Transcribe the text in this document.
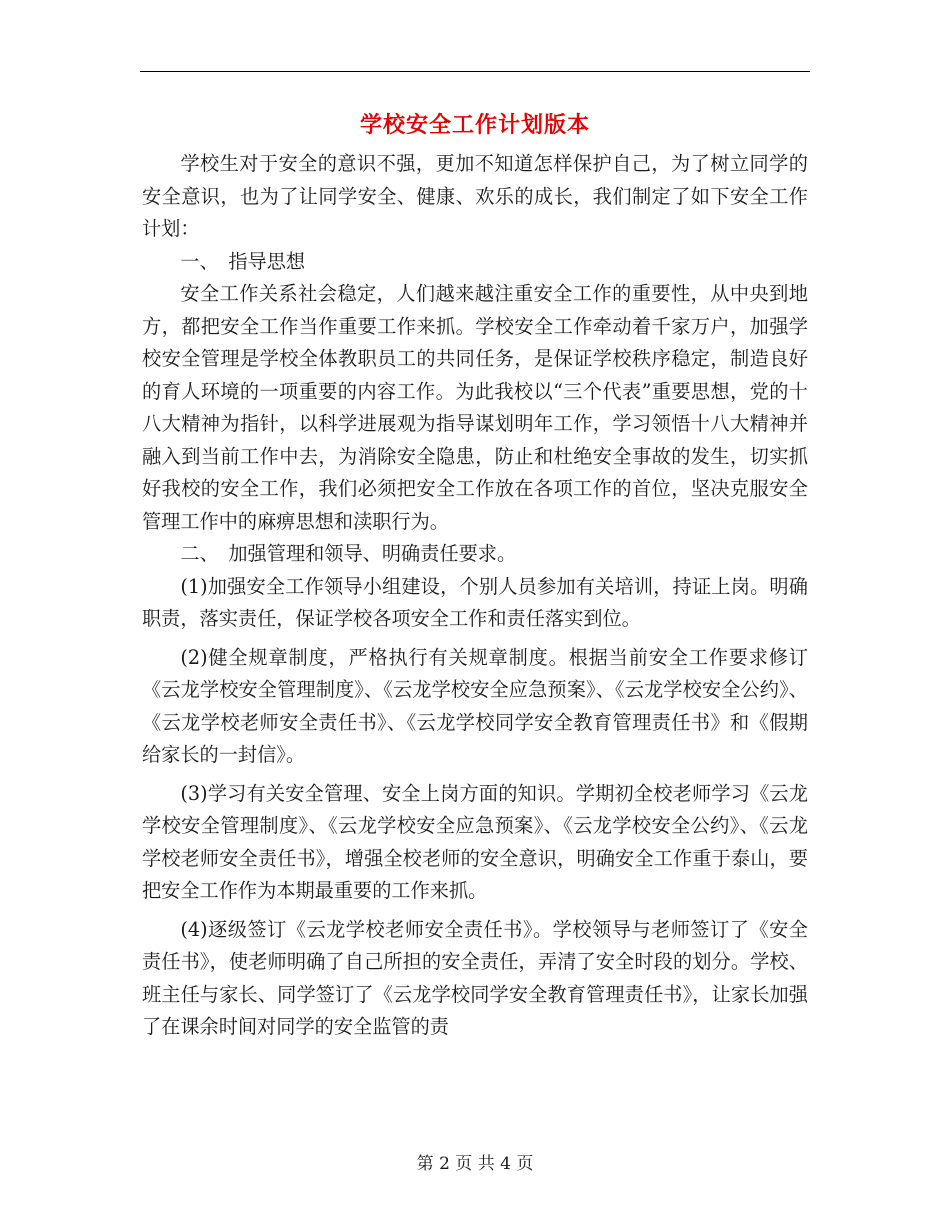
学校安全工作计划版本

学校生对于安全的意识不强，更加不知道怎样保护自己，为了树立同学的安全意识，也为了让同学安全、健康、欢乐的成长，我们制定了如下安全工作计划：

一、　指导思想

安全工作关系社会稳定，人们越来越注重安全工作的重要性，从中央到地方，都把安全工作当作重要工作来抓。学校安全工作牵动着千家万户，加强学校安全管理是学校全体教职员工的共同任务，是保证学校秩序稳定，制造良好的育人环境的一项重要的内容工作。为此我校以“三个代表”重要思想，党的十八大精神为指针，以科学进展观为指导谋划明年工作，学习领悟十八大精神并融入到当前工作中去，为消除安全隐患，防止和杜绝安全事故的发生，切实抓好我校的安全工作，我们必须把安全工作放在各项工作的首位，坚决克服安全管理工作中的麻痹思想和渎职行为。

二、　加强管理和领导、明确责任要求。

(1)加强安全工作领导小组建设，个别人员参加有关培训，持证上岗。明确职责，落实责任，保证学校各项安全工作和责任落实到位。

(2)健全规章制度，严格执行有关规章制度。根据当前安全工作要求修订《云龙学校安全管理制度》、《云龙学校安全应急预案》、《云龙学校安全公约》、《云龙学校老师安全责任书》、《云龙学校同学安全教育管理责任书》和《假期给家长的一封信》。

(3)学习有关安全管理、安全上岗方面的知识。学期初全校老师学习《云龙学校安全管理制度》、《云龙学校安全应急预案》、《云龙学校安全公约》、《云龙学校老师安全责任书》，增强全校老师的安全意识，明确安全工作重于泰山，要把安全工作作为本期最重要的工作来抓。

(4)逐级签订《云龙学校老师安全责任书》。学校领导与老师签订了《安全责任书》，使老师明确了自己所担的安全责任，弄清了安全时段的划分。学校、班主任与家长、同学签订了《云龙学校同学安全教育管理责任书》，让家长加强了在课余时间对同学的安全监管的责

第 2 页 共 4 页
